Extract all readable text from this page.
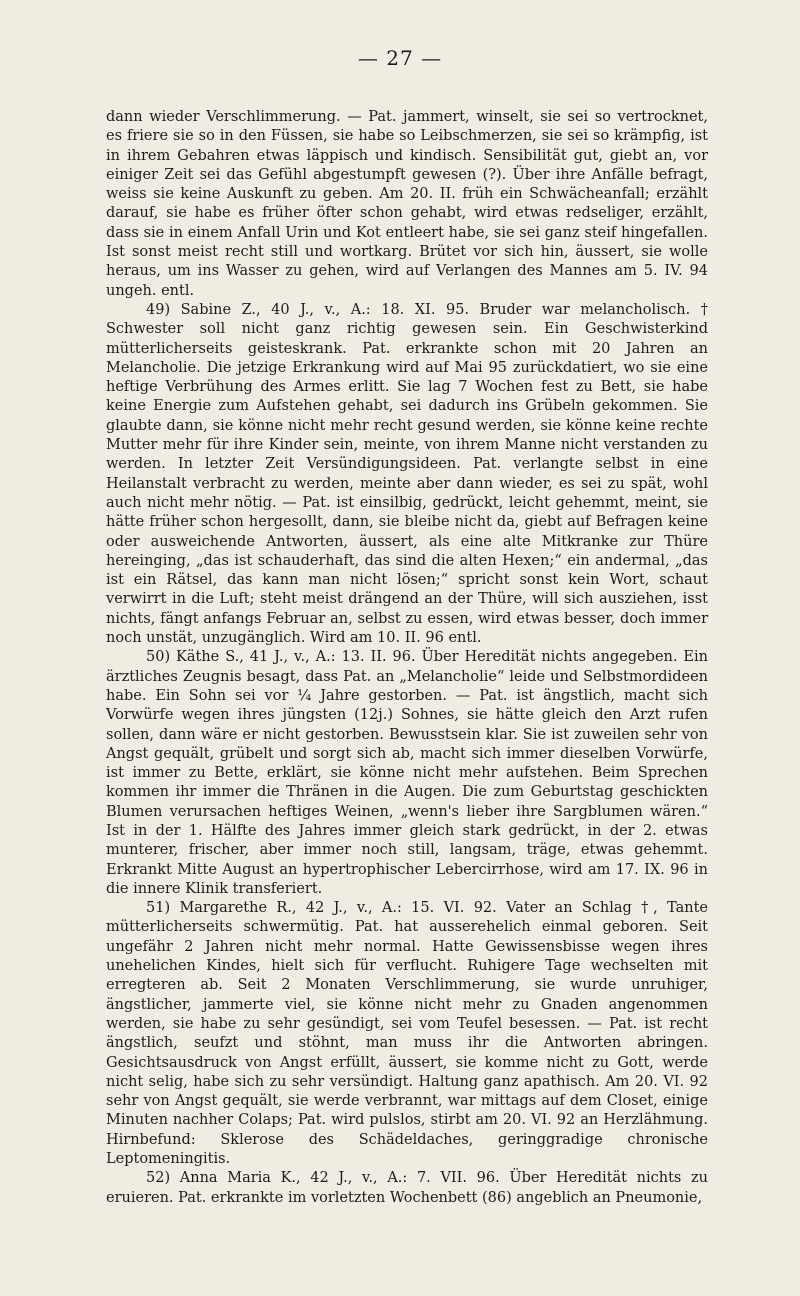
— 27 —

dann wieder Verschlimmerung. — Pat. jammert, winselt, sie sei so vertrocknet, es friere sie so in den Füssen, sie habe so Leibschmerzen, sie sei so krämpfig, ist in ihrem Gebahren etwas läppisch und kindisch. Sensibilität gut, giebt an, vor einiger Zeit sei das Gefühl abgestumpft gewesen (?). Über ihre Anfälle befragt, weiss sie keine Auskunft zu geben. Am 20. II. früh ein Schwächeanfall; erzählt darauf, sie habe es früher öfter schon gehabt, wird etwas redseliger, erzählt, dass sie in einem Anfall Urin und Kot entleert habe, sie sei ganz steif hingefallen. Ist sonst meist recht still und wortkarg. Brütet vor sich hin, äussert, sie wolle heraus, um ins Wasser zu gehen, wird auf Verlangen des Mannes am 5. IV. 94 ungeh. entl.

49) Sabine Z., 40 J., v., A.: 18. XI. 95. Bruder war melancholisch. † Schwester soll nicht ganz richtig gewesen sein. Ein Geschwisterkind mütterlicherseits geisteskrank. Pat. erkrankte schon mit 20 Jahren an Melancholie. Die jetzige Erkrankung wird auf Mai 95 zurückdatiert, wo sie eine heftige Verbrühung des Armes erlitt. Sie lag 7 Wochen fest zu Bett, sie habe keine Energie zum Aufstehen gehabt, sei dadurch ins Grübeln gekommen. Sie glaubte dann, sie könne nicht mehr recht gesund werden, sie könne keine rechte Mutter mehr für ihre Kinder sein, meinte, von ihrem Manne nicht verstanden zu werden. In letzter Zeit Versündigungsideen. Pat. verlangte selbst in eine Heilanstalt verbracht zu werden, meinte aber dann wieder, es sei zu spät, wohl auch nicht mehr nötig. — Pat. ist einsilbig, gedrückt, leicht gehemmt, meint, sie hätte früher schon hergesollt, dann, sie bleibe nicht da, giebt auf Befragen keine oder ausweichende Antworten, äussert, als eine alte Mitkranke zur Thüre hereinging, „das ist schauderhaft, das sind die alten Hexen;“ ein andermal, „das ist ein Rätsel, das kann man nicht lösen;“ spricht sonst kein Wort, schaut verwirrt in die Luft; steht meist drängend an der Thüre, will sich ausziehen, isst nichts, fängt anfangs Februar an, selbst zu essen, wird etwas besser, doch immer noch unstät, unzugänglich. Wird am 10. II. 96 entl.

50) Käthe S., 41 J., v., A.: 13. II. 96. Über Heredität nichts angegeben. Ein ärztliches Zeugnis besagt, dass Pat. an „Melancholie“ leide und Selbstmordideen habe. Ein Sohn sei vor ¼ Jahre gestorben. — Pat. ist ängstlich, macht sich Vorwürfe wegen ihres jüngsten (12j.) Sohnes, sie hätte gleich den Arzt rufen sollen, dann wäre er nicht gestorben. Bewusstsein klar. Sie ist zuweilen sehr von Angst gequält, grübelt und sorgt sich ab, macht sich immer dieselben Vorwürfe, ist immer zu Bette, erklärt, sie könne nicht mehr aufstehen. Beim Sprechen kommen ihr immer die Thränen in die Augen. Die zum Geburtstag geschickten Blumen verursachen heftiges Weinen, „wenn's lieber ihre Sargblumen wären.“ Ist in der 1. Hälfte des Jahres immer gleich stark gedrückt, in der 2. etwas munterer, frischer, aber immer noch still, langsam, träge, etwas gehemmt. Erkrankt Mitte August an hypertrophischer Lebercirrhose, wird am 17. IX. 96 in die innere Klinik transferiert.

51) Margarethe R., 42 J., v., A.: 15. VI. 92. Vater an Schlag †, Tante mütterlicherseits schwermütig. Pat. hat ausserehelich einmal geboren. Seit ungefähr 2 Jahren nicht mehr normal. Hatte Gewissensbisse wegen ihres unehelichen Kindes, hielt sich für verflucht. Ruhigere Tage wechselten mit erregteren ab. Seit 2 Monaten Verschlimmerung, sie wurde unruhiger, ängstlicher, jammerte viel, sie könne nicht mehr zu Gnaden angenommen werden, sie habe zu sehr gesündigt, sei vom Teufel besessen. — Pat. ist recht ängstlich, seufzt und stöhnt, man muss ihr die Antworten abringen. Gesichtsausdruck von Angst erfüllt, äussert, sie komme nicht zu Gott, werde nicht selig, habe sich zu sehr versündigt. Haltung ganz apathisch. Am 20. VI. 92 sehr von Angst gequält, sie werde verbrannt, war mittags auf dem Closet, einige Minuten nachher Colaps; Pat. wird pulslos, stirbt am 20. VI. 92 an Herzlähmung. Hirnbefund: Sklerose des Schädeldaches, geringgradige chronische Leptomeningitis.

52) Anna Maria K., 42 J., v., A.: 7. VII. 96. Über Heredität nichts zu eruieren. Pat. erkrankte im vorletzten Wochenbett (86) angeblich an Pneumonie,
